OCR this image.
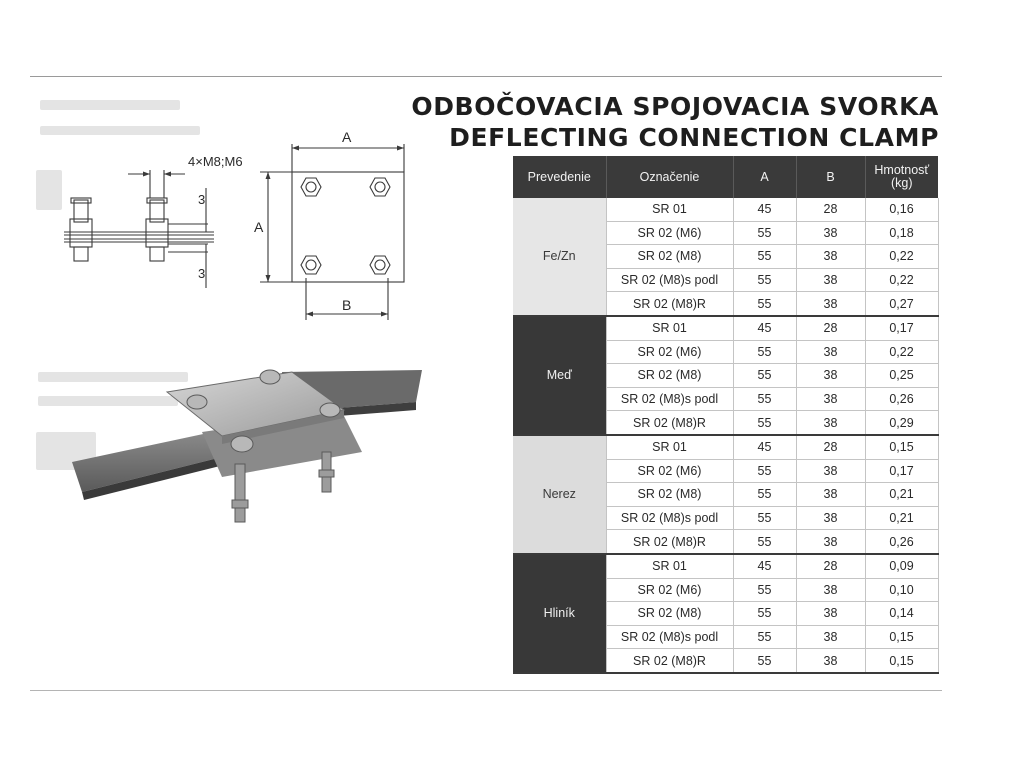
ODBOČOVACIA SPOJOVACIA SVORKA
DEFLECTING CONNECTION CLAMP
A
A
B
4×M8;M6
3
3
Prevedenie	Označenie	A	B	Hmotnosť
(kg)

Fe/Zn	SR 01	45	28	0,16
	SR 02 (M6)	55	38	0,18
	SR 02 (M8)	55	38	0,22
	SR 02 (M8)s podl	55	38	0,22
	SR 02 (M8)R	55	38	0,27
Meď	SR 01	45	28	0,17
	SR 02 (M6)	55	38	0,22
	SR 02 (M8)	55	38	0,25
	SR 02 (M8)s podl	55	38	0,26
	SR 02 (M8)R	55	38	0,29
Nerez	SR 01	45	28	0,15
	SR 02 (M6)	55	38	0,17
	SR 02 (M8)	55	38	0,21
	SR 02 (M8)s podl	55	38	0,21
	SR 02 (M8)R	55	38	0,26
Hliník	SR 01	45	28	0,09
	SR 02 (M6)	55	38	0,10
	SR 02 (M8)	55	38	0,14
	SR 02 (M8)s podl	55	38	0,15
	SR 02 (M8)R	55	38	0,15
